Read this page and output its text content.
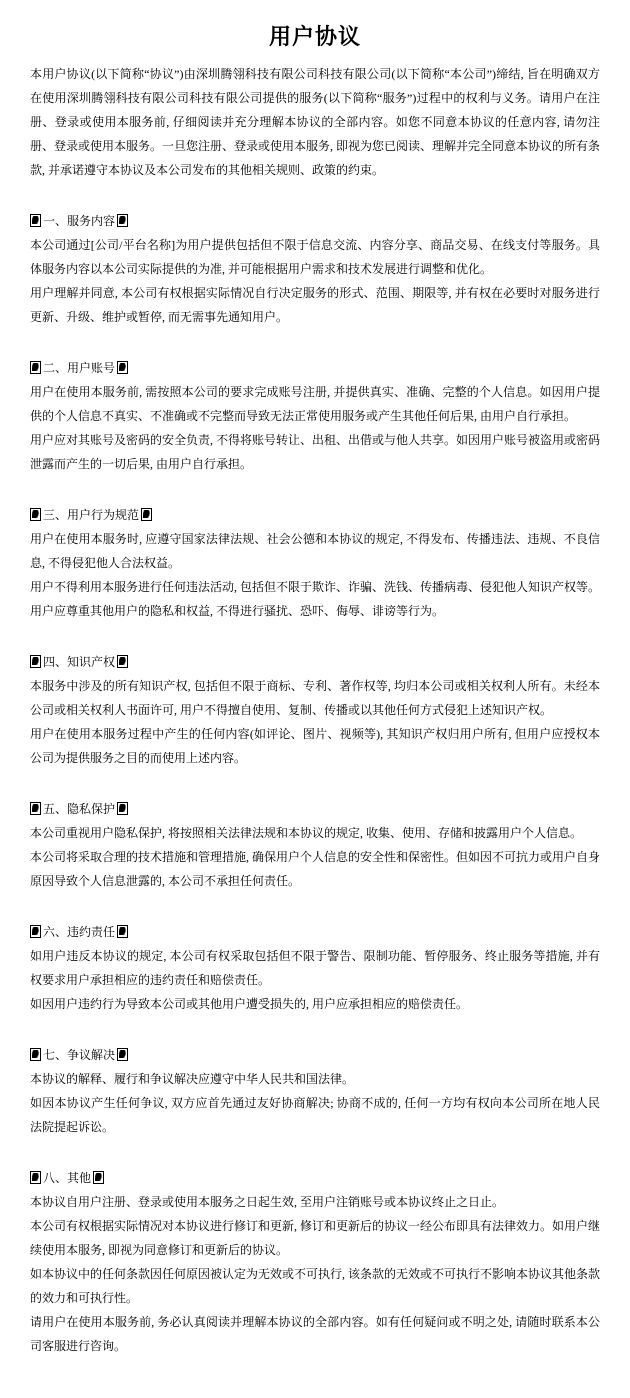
用户协议

本用户协议(以下简称“协议”)由深圳腾翎科技有限公司科技有限公司(以下简称“本公司”)缔结, 旨在明确双方在使用深圳腾翎科技有限公司科技有限公司提供的服务(以下简称“服务”)过程中的权利与义务。请用户在注册、登录或使用本服务前, 仔细阅读并充分理解本协议的全部内容。如您不同意本协议的任意内容, 请勿注册、登录或使用本服务。一旦您注册、登录或使用本服务, 即视为您已阅读、理解并完全同意本协议的所有条款, 并承诺遵守本协议及本公司发布的其他相关规则、政策的约束。

一、服务内容

本公司通过[公司/平台名称]为用户提供包括但不限于信息交流、内容分享、商品交易、在线支付等服务。具体服务内容以本公司实际提供的为准, 并可能根据用户需求和技术发展进行调整和优化。

用户理解并同意, 本公司有权根据实际情况自行决定服务的形式、范围、期限等, 并有权在必要时对服务进行更新、升级、维护或暂停, 而无需事先通知用户。

二、用户账号

用户在使用本服务前, 需按照本公司的要求完成账号注册, 并提供真实、准确、完整的个人信息。如因用户提供的个人信息不真实、不准确或不完整而导致无法正常使用服务或产生其他任何后果, 由用户自行承担。

用户应对其账号及密码的安全负责, 不得将账号转让、出租、出借或与他人共享。如因用户账号被盗用或密码泄露而产生的一切后果, 由用户自行承担。

三、用户行为规范

用户在使用本服务时, 应遵守国家法律法规、社会公德和本协议的规定, 不得发布、传播违法、违规、不良信息, 不得侵犯他人合法权益。

用户不得利用本服务进行任何违法活动, 包括但不限于欺诈、诈骗、洗钱、传播病毒、侵犯他人知识产权等。

用户应尊重其他用户的隐私和权益, 不得进行骚扰、恐吓、侮辱、诽谤等行为。

四、知识产权

本服务中涉及的所有知识产权, 包括但不限于商标、专利、著作权等, 均归本公司或相关权利人所有。未经本公司或相关权利人书面许可, 用户不得擅自使用、复制、传播或以其他任何方式侵犯上述知识产权。

用户在使用本服务过程中产生的任何内容(如评论、图片、视频等), 其知识产权归用户所有, 但用户应授权本公司为提供服务之目的而使用上述内容。

五、隐私保护

本公司重视用户隐私保护, 将按照相关法律法规和本协议的规定, 收集、使用、存储和披露用户个人信息。

本公司将采取合理的技术措施和管理措施, 确保用户个人信息的安全性和保密性。但如因不可抗力或用户自身原因导致个人信息泄露的, 本公司不承担任何责任。

六、违约责任

如用户违反本协议的规定, 本公司有权采取包括但不限于警告、限制功能、暂停服务、终止服务等措施, 并有权要求用户承担相应的违约责任和赔偿责任。

如因用户违约行为导致本公司或其他用户遭受损失的, 用户应承担相应的赔偿责任。

七、争议解决

本协议的解释、履行和争议解决应遵守中华人民共和国法律。

如因本协议产生任何争议, 双方应首先通过友好协商解决; 协商不成的, 任何一方均有权向本公司所在地人民法院提起诉讼。

八、其他

本协议自用户注册、登录或使用本服务之日起生效, 至用户注销账号或本协议终止之日止。

本公司有权根据实际情况对本协议进行修订和更新, 修订和更新后的协议一经公布即具有法律效力。如用户继续使用本服务, 即视为同意修订和更新后的协议。

如本协议中的任何条款因任何原因被认定为无效或不可执行, 该条款的无效或不可执行不影响本协议其他条款的效力和可执行性。

请用户在使用本服务前, 务必认真阅读并理解本协议的全部内容。如有任何疑问或不明之处, 请随时联系本公司客服进行咨询。
